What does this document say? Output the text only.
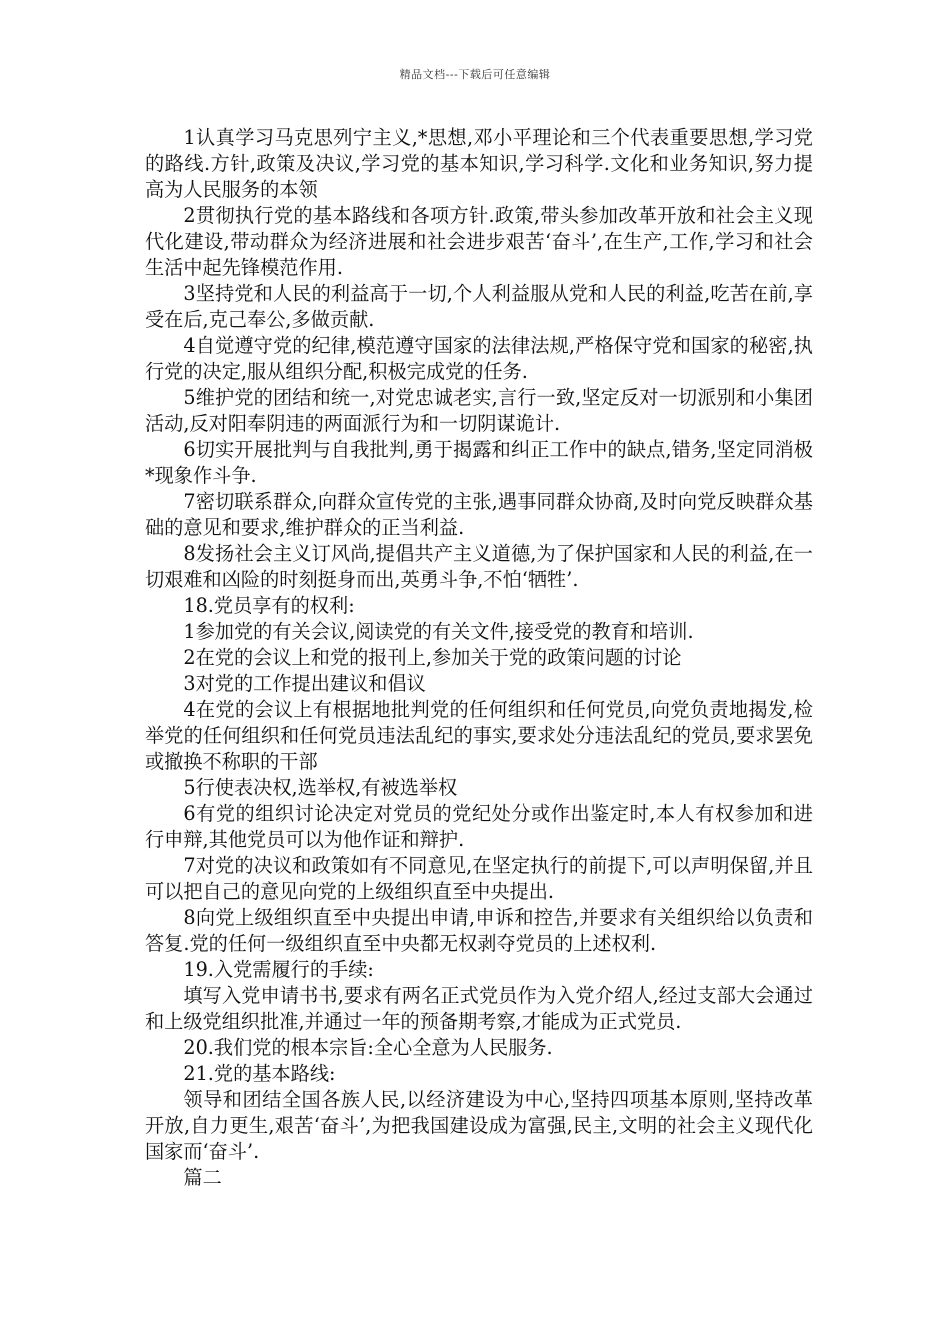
精品文档---下载后可任意编辑

1认真学习马克思列宁主义,*思想,邓小平理论和三个代表重要思想,学习党的路线.方针,政策及决议,学习党的基本知识,学习科学.文化和业务知识,努力提高为人民服务的本领

2贯彻执行党的基本路线和各项方针.政策,带头参加改革开放和社会主义现代化建设,带动群众为经济进展和社会进步艰苦‘奋斗’,在生产,工作,学习和社会生活中起先锋模范作用.

3坚持党和人民的利益高于一切,个人利益服从党和人民的利益,吃苦在前,享受在后,克己奉公,多做贡献.

4自觉遵守党的纪律,模范遵守国家的法律法规,严格保守党和国家的秘密,执行党的决定,服从组织分配,积极完成党的任务.

5维护党的团结和统一,对党忠诚老实,言行一致,坚定反对一切派别和小集团活动,反对阳奉阴违的两面派行为和一切阴谋诡计.

6切实开展批判与自我批判,勇于揭露和纠正工作中的缺点,错务,坚定同消极*现象作斗争.

7密切联系群众,向群众宣传党的主张,遇事同群众协商,及时向党反映群众基础的意见和要求,维护群众的正当利益.

8发扬社会主义订风尚,提倡共产主义道德,为了保护国家和人民的利益,在一切艰难和凶险的时刻挺身而出,英勇斗争,不怕‘牺牲’.

18.党员享有的权利:

1参加党的有关会议,阅读党的有关文件,接受党的教育和培训.

2在党的会议上和党的报刊上,参加关于党的政策问题的讨论

3对党的工作提出建议和倡议

4在党的会议上有根据地批判党的任何组织和任何党员,向党负责地揭发,检举党的任何组织和任何党员违法乱纪的事实,要求处分违法乱纪的党员,要求罢免或撤换不称职的干部

5行使表决权,选举权,有被选举权

6有党的组织讨论决定对党员的党纪处分或作出鉴定时,本人有权参加和进行申辩,其他党员可以为他作证和辩护.

7对党的决议和政策如有不同意见,在坚定执行的前提下,可以声明保留,并且可以把自己的意见向党的上级组织直至中央提出.

8向党上级组织直至中央提出申请,申诉和控告,并要求有关组织给以负责和答复.党的任何一级组织直至中央都无权剥夺党员的上述权利.

19.入党需履行的手续:

填写入党申请书书,要求有两名正式党员作为入党介绍人,经过支部大会通过和上级党组织批准,并通过一年的预备期考察,才能成为正式党员.

20.我们党的根本宗旨:全心全意为人民服务.

21.党的基本路线:

领导和团结全国各族人民,以经济建设为中心,坚持四项基本原则,坚持改革开放,自力更生,艰苦‘奋斗’,为把我国建设成为富强,民主,文明的社会主义现代化国家而‘奋斗’.

篇二
